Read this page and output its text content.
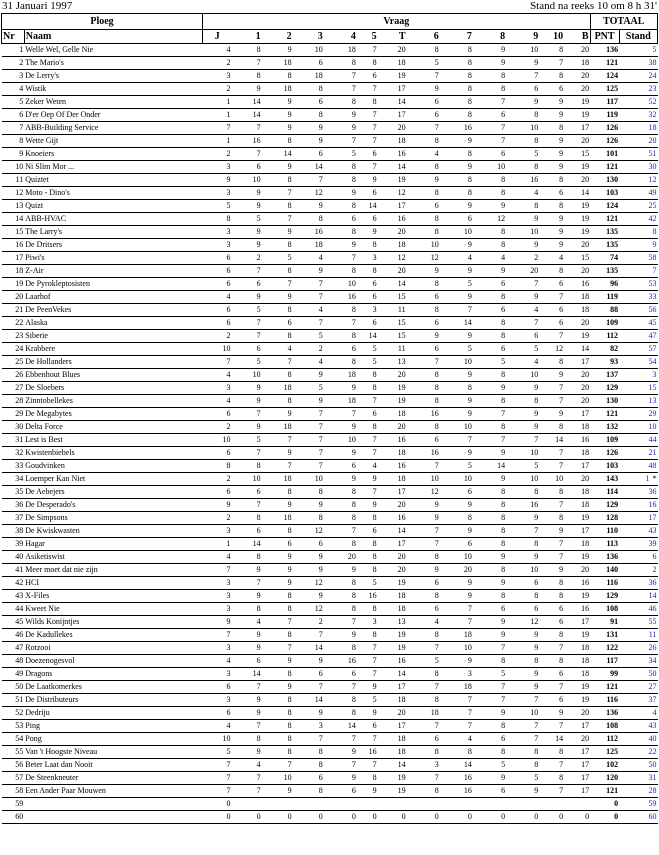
31 Januari 1997	Stand na reeks 10 om 8 h 31'
Ploeg		Vraag													TOTAAL	
Nr	Naam	J	1	2	3	4	5	T	6	7	8	9	10	B	PNT	Stand
1	Welle Wel, Gelle Nie	4	8	9	10	18	7	20	8	8	9	10	8	20	136	5
2	The Mario's	2	7	18	6	8	8	18	5	8	9	9	7	18	121	38
3	De Lerry's	3	8	8	18	7	6	19	7	8	8	7	8	20	124	24
4	Wistik	2	9	18	8	7	7	17	9	8	8	6	6	20	125	23
5	Zeker Weten	1	14	9	6	8	8	14	6	8	7	9	9	19	117	52
6	D'er Oep Of Der Onder	1	14	9	8	9	7	17	6	8	6	8	9	19	119	32
7	ABB-Building Service	7	7	9	9	9	7	20	7	16	7	10	8	17	126	18
8	Wette Gijt	1	16	8	9	7	7	18	8	9	7	8	9	20	126	20
9	Knoeiers	2	7	14	6	5	6	16	4	8	6	5	9	15	101	51
10	Ni Slim Mor ...	3	6	9	14	8	7	14	8	9	10	8	9	19	121	30
11	Quiztet	9	10	8	7	8	9	19	9	8	8	16	8	20	130	12
12	Moto - Dino's	3	9	7	12	9	6	12	8	8	8	4	6	14	103	49
13	Quizt	5	9	8	9	8	14	17	6	9	9	8	8	19	124	25
14	ABB-HVAC	8	5	7	8	6	6	16	8	6	12	9	9	19	121	42
15	The Larry's	3	9	9	16	8	9	20	8	10	8	10	9	19	135	8
16	De Dritsers	3	9	8	18	9	8	18	10	9	8	9	9	20	135	9
17	Piwi's	6	2	5	4	7	3	12	12	4	4	2	4	15	74	58
18	Z-Air	6	7	8	9	8	8	20	9	9	9	20	8	20	135	7
19	De Pyrokleptosisten	6	6	7	7	10	6	14	8	5	6	7	6	16	96	53
20	Laarhof	4	9	9	7	16	6	15	6	9	8	9	7	18	119	33
21	De PeenVekes	6	5	8	4	8	3	11	8	7	6	4	6	18	88	56
22	Alaska	6	7	6	7	7	6	15	6	14	8	7	6	20	109	45
23	Siberie	2	7	8	5	8	14	15	9	9	8	6	7	19	112	47
24	Krabbere	10	6	4	2	6	5	11	6	5	6	5	12	14	82	57
25	De Hollanders	7	5	7	4	8	5	13	7	10	5	4	8	17	93	54
26	Ebbenhout Blues	4	10	8	9	18	8	20	8	9	8	10	9	20	137	3
27	De Sloebers	3	9	18	5	9	8	19	8	8	9	9	7	20	129	15
28	Zinntobellekes	4	9	8	9	18	7	19	8	9	8	8	7	20	130	13
29	De Megabytes	6	7	9	7	7	6	18	16	9	7	9	9	17	121	29
30	Delta Force	2	9	18	7	9	8	20	8	10	8	9	8	18	132	10
31	Lest is Best	10	5	7	7	10	7	16	6	7	7	7	14	16	109	44
32	Kwistenbiebels	6	7	9	7	9	7	18	16	9	9	10	7	18	126	21
33	Goudvinken	8	8	7	7	6	4	16	7	5	14	5	7	17	103	48
34	Loemper Kan Niet	2	10	18	10	9	9	18	10	10	9	10	10	20	143	1 *
35	De Aebejers	6	6	8	8	8	7	17	12	6	8	8	8	18	114	36
36	De Desperado's	9	7	9	9	8	9	20	9	9	8	16	7	18	129	16
37	De Simpsons	2	8	18	8	8	8	16	9	8	8	9	8	19	128	17
38	De Kwiskwasten	3	6	8	12	7	6	14	7	9	8	7	9	17	110	43
39	Hagar	1	14	6	6	8	8	17	7	6	8	8	7	18	113	39
40	Asiketiswist	4	8	9	9	20	8	20	8	10	9	9	7	19	136	6
41	Meer moet dat nie zijn	7	9	9	9	9	8	20	9	20	8	10	9	20	140	2
42	HCI	3	7	9	12	8	5	19	6	9	9	6	8	16	116	36
43	X-Files	3	9	8	9	8	16	18	8	9	8	8	8	19	129	14
44	Kweet Nie	3	8	8	12	8	8	18	6	7	6	6	6	16	108	46
45	Wilds Konijntjes	9	4	7	2	7	3	13	4	7	9	12	6	17	91	55
46	De Kadullekes	7	9	8	7	9	8	19	8	18	9	9	8	19	131	11
47	Rotzooi	3	9	7	14	8	7	19	7	10	7	9	7	18	122	26
48	Doezenogesvol	4	6	9	9	16	7	16	5	9	8	8	8	18	117	34
49	Dragons	3	14	8	6	6	7	14	8	3	5	9	6	18	99	50
50	De Laatkomerkes	6	7	9	7	7	9	17	7	18	7	9	7	19	121	27
51	De Distributeurs	3	9	8	14	8	5	18	8	7	7	7	6	19	116	37
52	Dedriju	6	9	8	9	8	9	20	18	7	9	10	9	20	136	4
53	Ping	4	7	8	3	14	6	17	7	7	8	7	7	17	108	43
54	Pong	10	8	8	7	7	7	18	6	4	6	7	14	20	112	40
55	Van 't Hoogste Niveau	5	9	8	8	9	16	18	8	8	8	8	8	17	125	22
56	Beter Laat dan Nooit	7	4	7	8	7	7	14	3	14	5	8	7	17	102	50
57	De Steenkneuter	7	7	10	6	9	8	19	7	16	9	5	8	17	120	31
58	Een Ander Paar Mouwen	7	7	9	8	6	9	19	8	16	6	9	7	17	121	28
59		0													0	59
60		0	0	0	0	0	0	0	0	0	0	0	0	0	0	60
